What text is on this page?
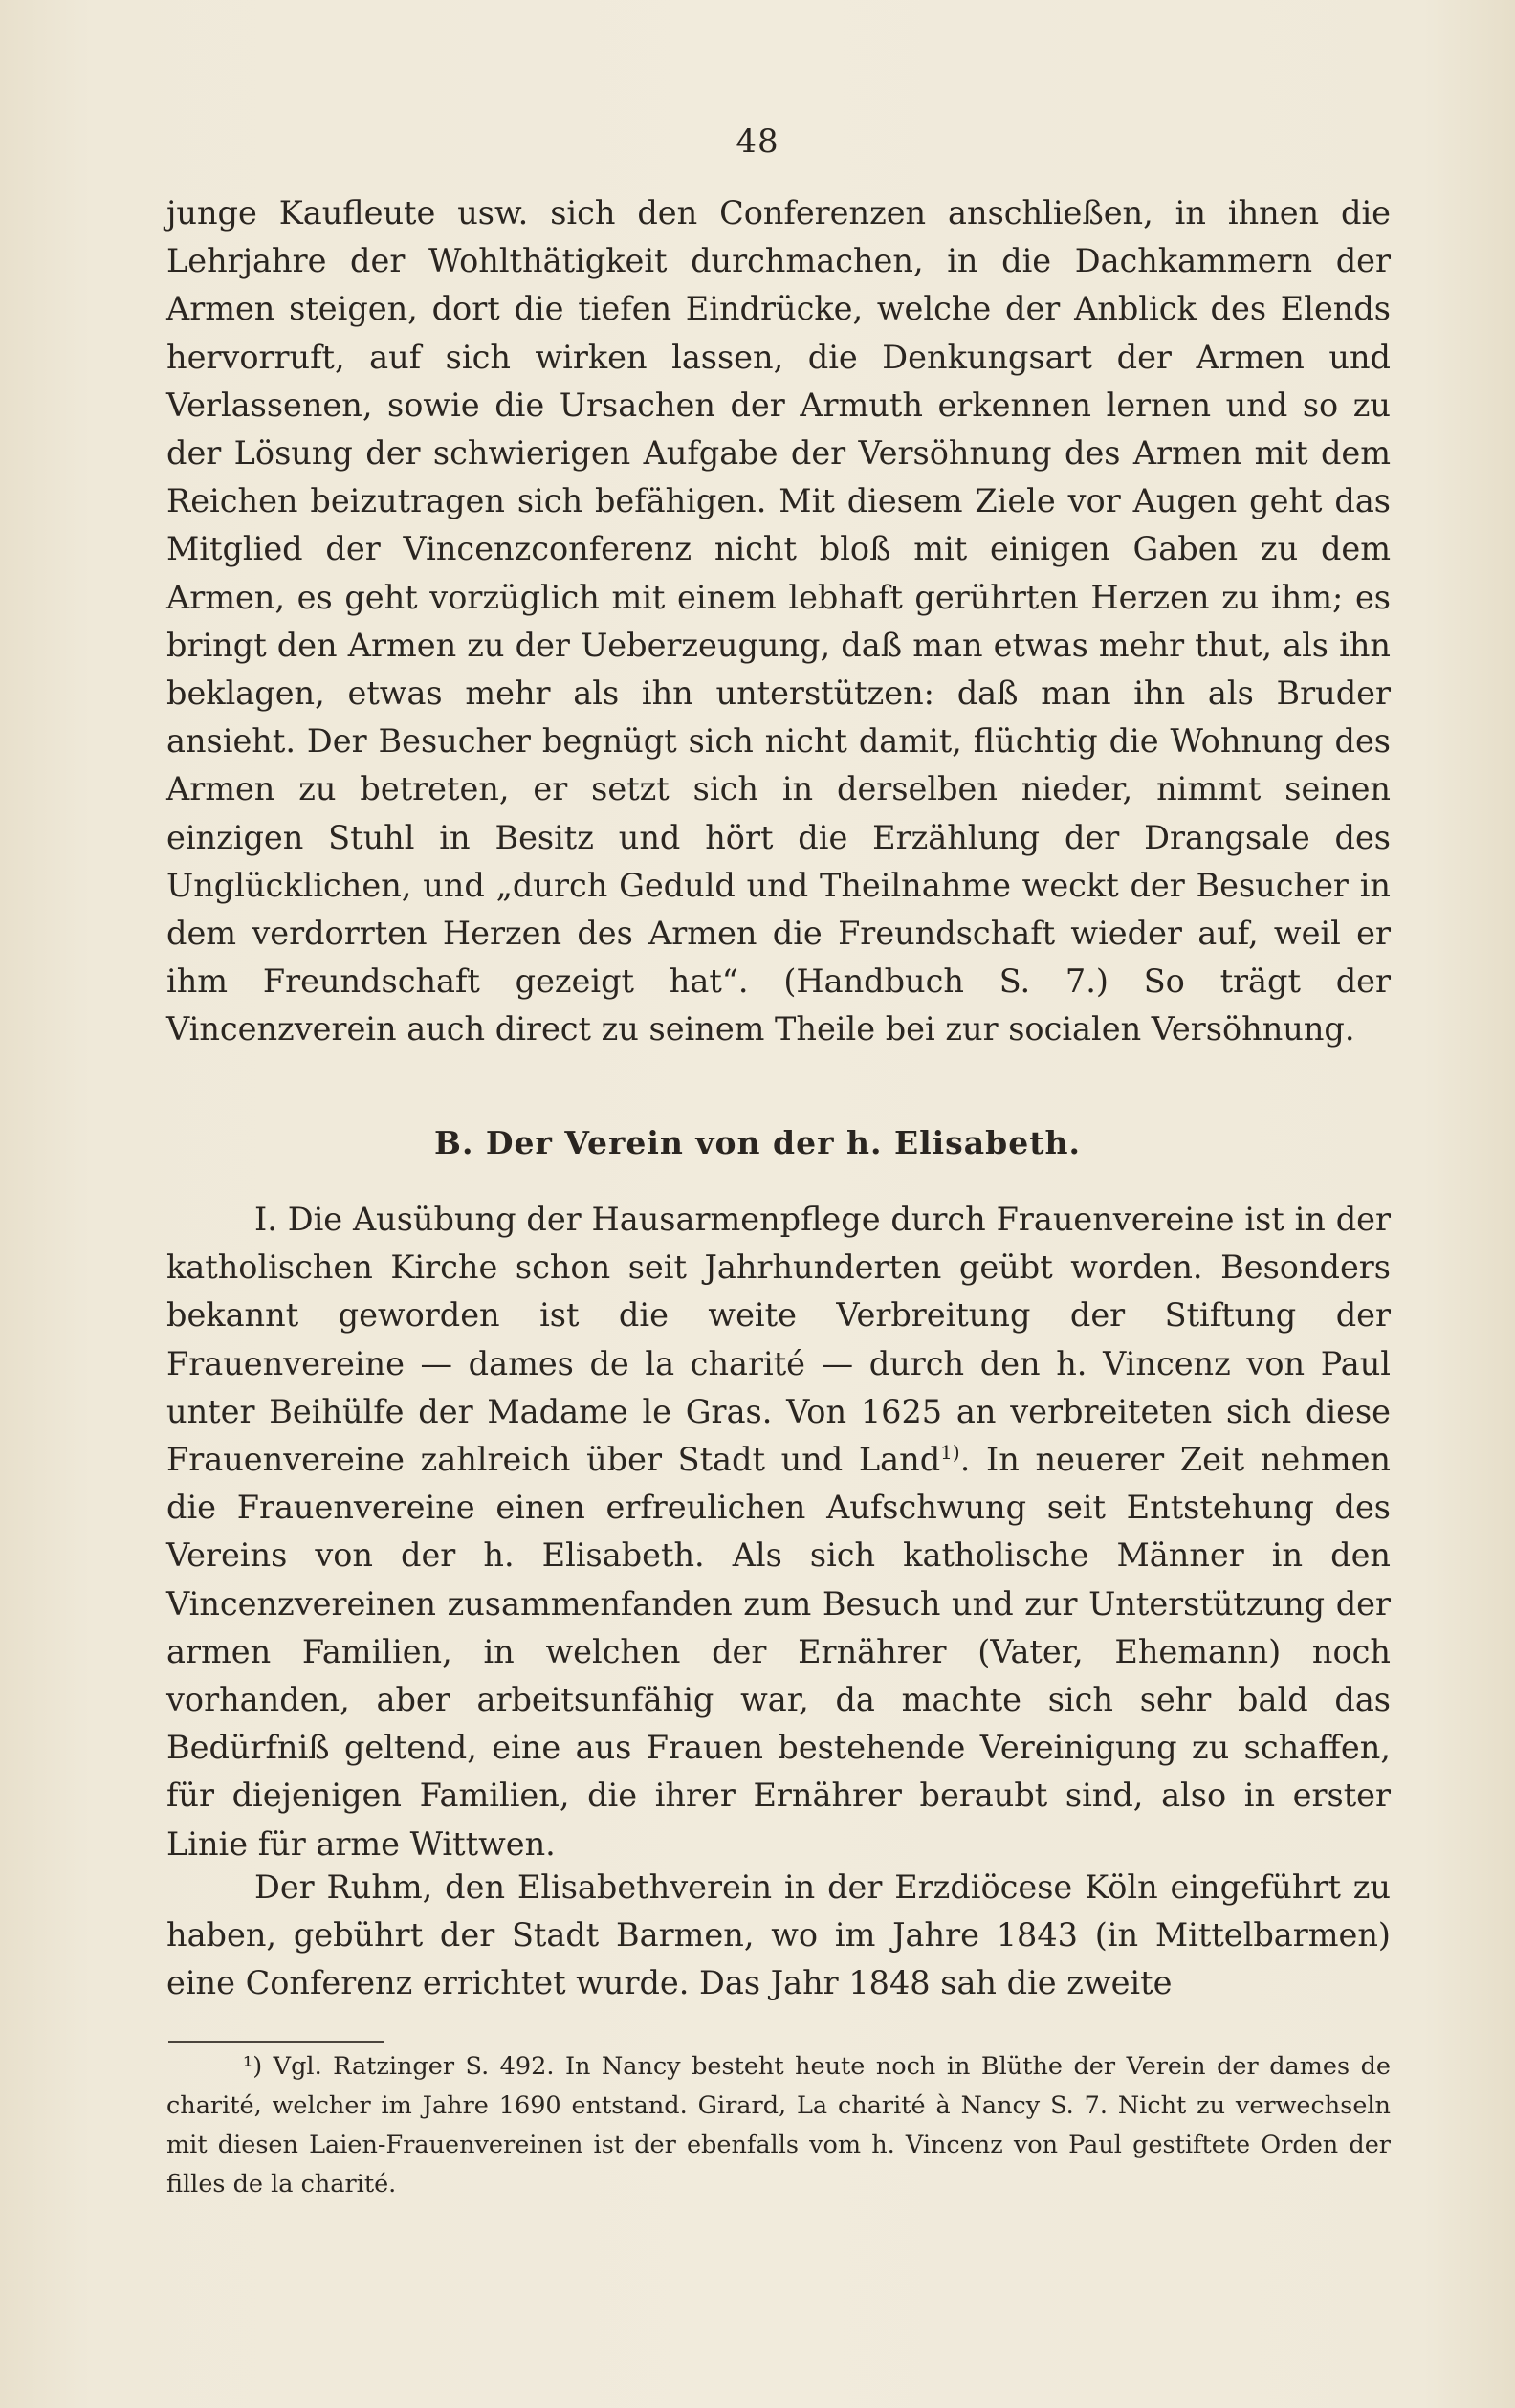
48

junge Kaufleute usw. sich den Conferenzen anschließen, in ihnen die Lehrjahre der Wohlthätigkeit durchmachen, in die Dachkammern der Armen steigen, dort die tiefen Eindrücke, welche der Anblick des Elends hervorruft, auf sich wirken lassen, die Denkungsart der Armen und Verlassenen, sowie die Ursachen der Armuth erkennen lernen und so zu der Lösung der schwierigen Aufgabe der Versöhnung des Armen mit dem Reichen beizutragen sich befähigen. Mit diesem Ziele vor Augen geht das Mitglied der Vincenzconferenz nicht bloß mit einigen Gaben zu dem Armen, es geht vorzüglich mit einem lebhaft gerührten Herzen zu ihm; es bringt den Armen zu der Ueberzeugung, daß man etwas mehr thut, als ihn beklagen, etwas mehr als ihn unterstützen: daß man ihn als Bruder ansieht. Der Besucher begnügt sich nicht damit, flüchtig die Wohnung des Armen zu betreten, er setzt sich in derselben nieder, nimmt seinen einzigen Stuhl in Besitz und hört die Erzählung der Drangsale des Unglücklichen, und „durch Geduld und Theilnahme weckt der Besucher in dem verdorrten Herzen des Armen die Freundschaft wieder auf, weil er ihm Freundschaft gezeigt hat“. (Handbuch S. 7.) So trägt der Vincenzverein auch direct zu seinem Theile bei zur socialen Versöhnung.

B. Der Verein von der h. Elisabeth.

I. Die Ausübung der Hausarmenpflege durch Frauenvereine ist in der katholischen Kirche schon seit Jahrhunderten geübt worden. Besonders bekannt geworden ist die weite Verbreitung der Stiftung der Frauenvereine — dames de la charité — durch den h. Vincenz von Paul unter Beihülfe der Madame le Gras. Von 1625 an verbreiteten sich diese Frauenvereine zahlreich über Stadt und Land$^{1)}$. In neuerer Zeit nehmen die Frauenvereine einen erfreulichen Aufschwung seit Entstehung des Vereins von der h. Elisabeth. Als sich katholische Männer in den Vincenzvereinen zusammenfanden zum Besuch und zur Unterstützung der armen Familien, in welchen der Ernährer (Vater, Ehemann) noch vorhanden, aber arbeitsunfähig war, da machte sich sehr bald das Bedürfniß geltend, eine aus Frauen bestehende Vereinigung zu schaffen, für diejenigen Familien, die ihrer Ernährer beraubt sind, also in erster Linie für arme Wittwen.

Der Ruhm, den Elisabethverein in der Erzdiöcese Köln eingeführt zu haben, gebührt der Stadt Barmen, wo im Jahre 1843 (in Mittelbarmen) eine Conferenz errichtet wurde. Das Jahr 1848 sah die zweite

¹) Vgl. Ratzinger S. 492. In Nancy besteht heute noch in Blüthe der Verein der dames de charité, welcher im Jahre 1690 entstand. Girard, La charité à Nancy S. 7. Nicht zu verwechseln mit diesen Laien-Frauenvereinen ist der ebenfalls vom h. Vincenz von Paul gestiftete Orden der filles de la charité.
